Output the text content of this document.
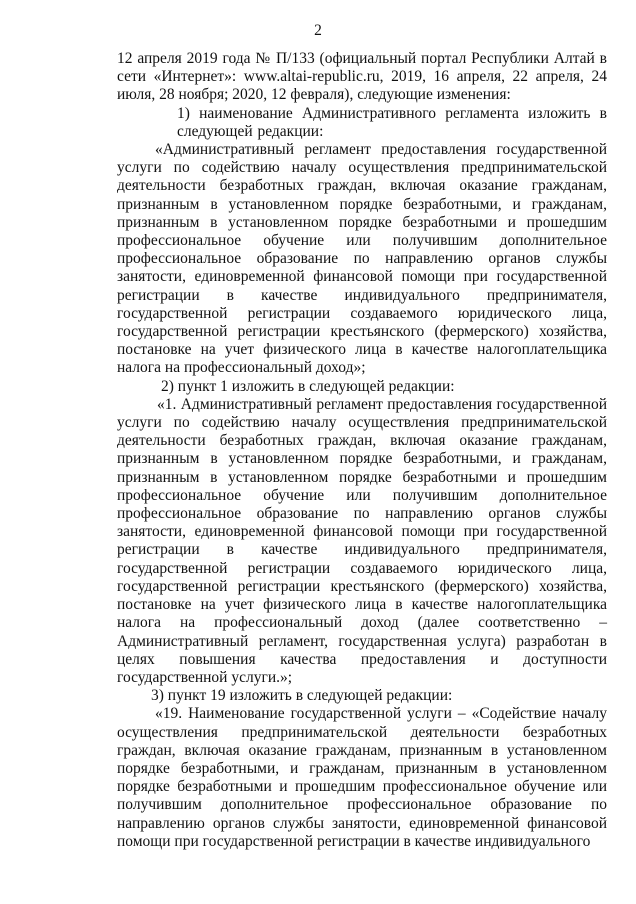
2

12 апреля 2019 года № П/133 (официальный портал Республики Алтай в сети «Интернет»: www.altai-republic.ru, 2019, 16 апреля, 22 апреля, 24 июля, 28 ноября; 2020, 12 февраля), следующие изменения:

1) наименование Административного регламента изложить в следующей редакции:

«Административный регламент предоставления государственной услуги по содействию началу осуществления предпринимательской деятельности безработных граждан, включая оказание гражданам, признанным в установленном порядке безработными, и гражданам, признанным в установленном порядке безработными и прошедшим профессиональное обучение или получившим дополнительное профессиональное образование по направлению органов службы занятости, единовременной финансовой помощи при государственной регистрации в качестве индивидуального предпринимателя, государственной регистрации создаваемого юридического лица, государственной регистрации крестьянского (фермерского) хозяйства, постановке на учет физического лица в качестве налогоплательщика налога на профессиональный доход»;

2) пункт 1 изложить в следующей редакции:

«1. Административный регламент предоставления государственной услуги по содействию началу осуществления предпринимательской деятельности безработных граждан, включая оказание гражданам, признанным в установленном порядке безработными, и гражданам, признанным в установленном порядке безработными и прошедшим профессиональное обучение или получившим дополнительное профессиональное образование по направлению органов службы занятости, единовременной финансовой помощи при государственной регистрации в качестве индивидуального предпринимателя, государственной регистрации создаваемого юридического лица, государственной регистрации крестьянского (фермерского) хозяйства, постановке на учет физического лица в качестве налогоплательщика налога на профессиональный доход (далее соответственно – Административный регламент, государственная услуга) разработан в целях повышения качества предоставления и доступности государственной услуги.»;

3) пункт 19 изложить в следующей редакции:

«19. Наименование государственной услуги – «Содействие началу осуществления предпринимательской деятельности безработных граждан, включая оказание гражданам, признанным в установленном порядке безработными, и гражданам, признанным в установленном порядке безработными и прошедшим профессиональное обучение или получившим дополнительное профессиональное образование по направлению органов службы занятости, единовременной финансовой помощи при государственной регистрации в качестве индивидуального
